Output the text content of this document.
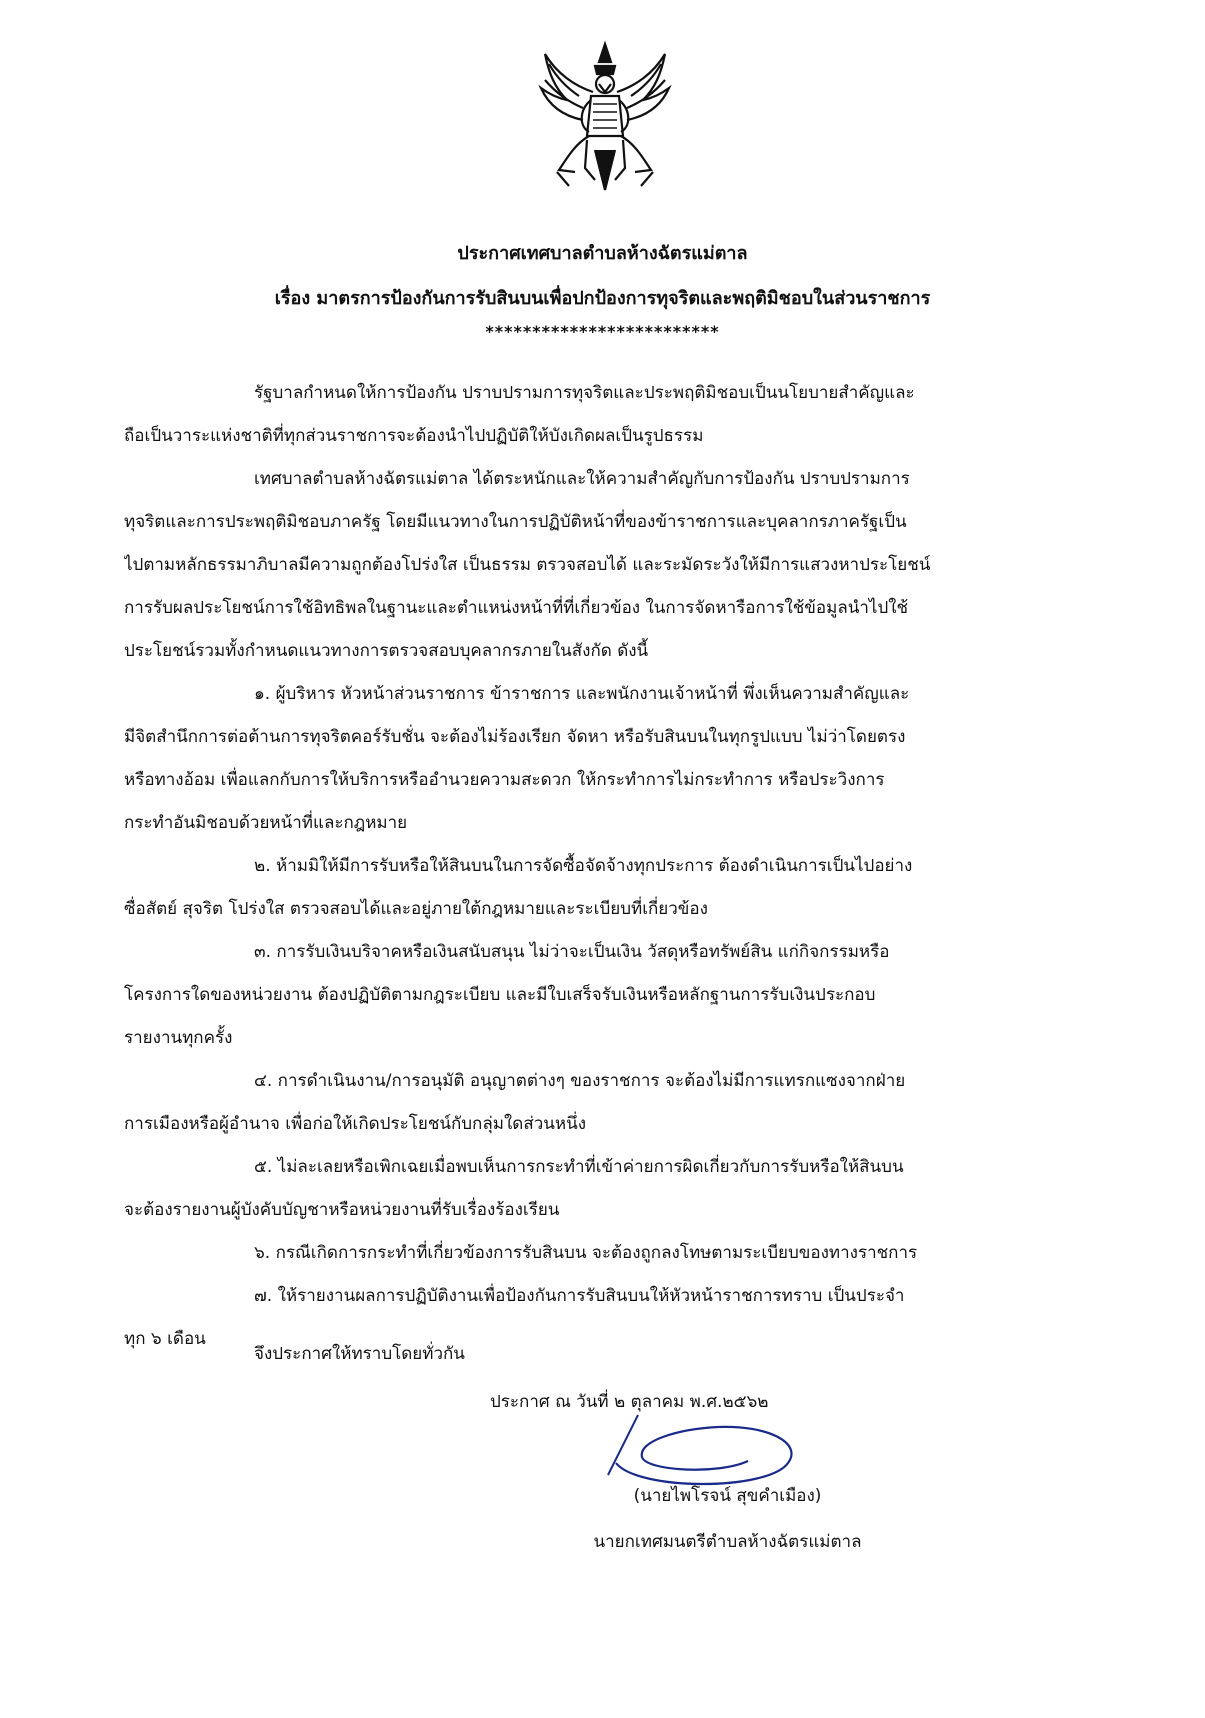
ประกาศเทศบาลตำบลห้างฉัตรแม่ตาล
เรื่อง มาตรการป้องกันการรับสินบนเพื่อปกป้องการทุจริตและพฤติมิชอบในส่วนราชการ
*************************
รัฐบาลกำหนดให้การป้องกัน ปราบปรามการทุจริตและประพฤติมิชอบเป็นนโยบายสำคัญและ
ถือเป็นวาระแห่งชาติที่ทุกส่วนราชการจะต้องนำไปปฏิบัติให้บังเกิดผลเป็นรูปธรรม
เทศบาลตำบลห้างฉัตรแม่ตาล ได้ตระหนักและให้ความสำคัญกับการป้องกัน ปราบปรามการ
ทุจริตและการประพฤติมิชอบภาครัฐ โดยมีแนวทางในการปฏิบัติหน้าที่ของข้าราชการและบุคลากรภาครัฐเป็น
ไปตามหลักธรรมาภิบาลมีความถูกต้องโปร่งใส เป็นธรรม ตรวจสอบได้ และระมัดระวังให้มีการแสวงหาประโยชน์
การรับผลประโยชน์การใช้อิทธิพลในฐานะและตำแหน่งหน้าที่ที่เกี่ยวข้อง ในการจัดหารือการใช้ข้อมูลนำไปใช้
ประโยชน์รวมทั้งกำหนดแนวทางการตรวจสอบบุคลากรภายในสังกัด ดังนี้
๑. ผู้บริหาร หัวหน้าส่วนราชการ ข้าราชการ และพนักงานเจ้าหน้าที่ พึ่งเห็นความสำคัญและ
มีจิตสำนึกการต่อต้านการทุจริตคอร์รับชั่น จะต้องไม่ร้องเรียก จัดหา หรือรับสินบนในทุกรูปแบบ ไม่ว่าโดยตรง
หรือทางอ้อม เพื่อแลกกับการให้บริการหรืออำนวยความสะดวก ให้กระทำการไม่กระทำการ หรือประวิงการ
กระทำอันมิชอบด้วยหน้าที่และกฎหมาย
๒. ห้ามมิให้มีการรับหรือให้สินบนในการจัดซื้อจัดจ้างทุกประการ ต้องดำเนินการเป็นไปอย่าง
ซื่อสัตย์ สุจริต โปร่งใส ตรวจสอบได้และอยู่ภายใต้กฎหมายและระเบียบที่เกี่ยวข้อง
๓. การรับเงินบริจาคหรือเงินสนับสนุน ไม่ว่าจะเป็นเงิน วัสดุหรือทรัพย์สิน แก่กิจกรรมหรือ
โครงการใดของหน่วยงาน ต้องปฏิบัติตามกฎระเบียบ และมีใบเสร็จรับเงินหรือหลักฐานการรับเงินประกอบ
รายงานทุกครั้ง
๔. การดำเนินงาน/การอนุมัติ อนุญาตต่างๆ ของราชการ จะต้องไม่มีการแทรกแซงจากฝ่าย
การเมืองหรือผู้อำนาจ เพื่อก่อให้เกิดประโยชน์กับกลุ่มใดส่วนหนึ่ง
๕. ไม่ละเลยหรือเพิกเฉยเมื่อพบเห็นการกระทำที่เข้าค่ายการผิดเกี่ยวกับการรับหรือให้สินบน
จะต้องรายงานผู้บังคับบัญชาหรือหน่วยงานที่รับเรื่องร้องเรียน
๖. กรณีเกิดการกระทำที่เกี่ยวข้องการรับสินบน จะต้องถูกลงโทษตามระเบียบของทางราชการ
๗. ให้รายงานผลการปฏิบัติงานเพื่อป้องกันการรับสินบนให้หัวหน้าราชการทราบ เป็นประจำ
ทุก ๖ เดือน
จึงประกาศให้ทราบโดยทั่วกัน
ประกาศ ณ วันที่ ๒ ตุลาคม พ.ศ.๒๕๖๒
(นายไพโรจน์ สุขคำเมือง)
นายกเทศมนตรีตำบลห้างฉัตรแม่ตาล
